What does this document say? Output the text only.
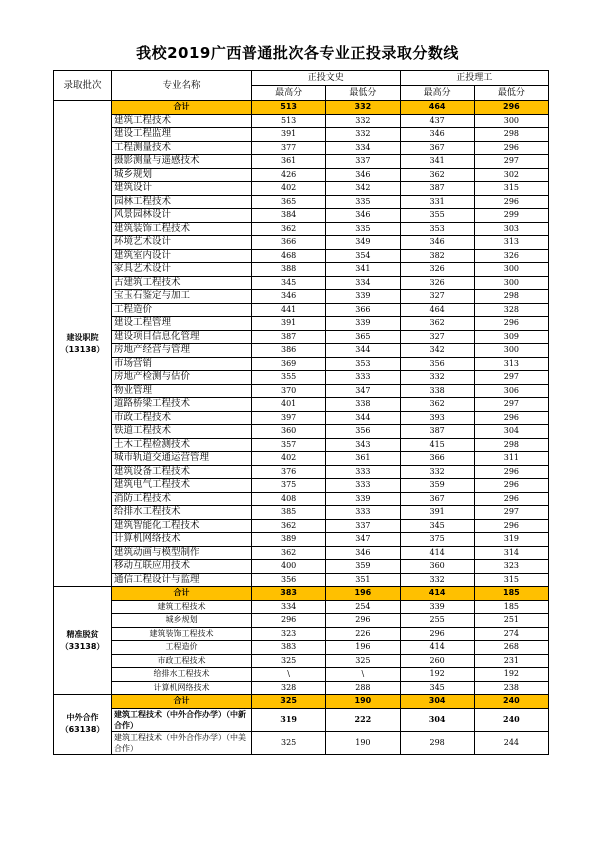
我校2019广西普通批次各专业正投录取分数线
录取批次	专业名称	正投文史		正投理工	
		最高分	最低分	最高分	最低分

建设职院
（13138）	合计	513	332	464	296
	建筑工程技术	513	332	437	300
	建设工程监理	391	332	346	298
	工程测量技术	377	334	367	296
	摄影测量与遥感技术	361	337	341	297
	城乡规划	426	346	362	302
	建筑设计	402	342	387	315
	园林工程技术	365	335	331	296
	风景园林设计	384	346	355	299
	建筑装饰工程技术	362	335	353	303
	环境艺术设计	366	349	346	313
	建筑室内设计	468	354	382	326
	家具艺术设计	388	341	326	300
	古建筑工程技术	345	334	326	300
	宝玉石鉴定与加工	346	339	327	298
	工程造价	441	366	464	328
	建设工程管理	391	339	362	296
	建设项目信息化管理	387	365	327	309
	房地产经营与管理	386	344	342	300
	市场营销	369	353	356	313
	房地产检测与估价	355	333	332	297
	物业管理	370	347	338	306
	道路桥梁工程技术	401	338	362	297
	市政工程技术	397	344	393	296
	铁道工程技术	360	356	387	304
	土木工程检测技术	357	343	415	298
	城市轨道交通运营管理	402	361	366	311
	建筑设备工程技术	376	333	332	296
	建筑电气工程技术	375	333	359	296
	消防工程技术	408	339	367	296
	给排水工程技术	385	333	391	297
	建筑智能化工程技术	362	337	345	296
	计算机网络技术	389	347	375	319
	建筑动画与模型制作	362	346	414	314
	移动互联应用技术	400	359	360	323
	通信工程设计与监理	356	351	332	315

精准脱贫
（33138）	合计	383	196	414	185
	建筑工程技术	334	254	339	185
	城乡规划	296	296	255	251
	建筑装饰工程技术	323	226	296	274
	工程造价	383	196	414	268
	市政工程技术	325	325	260	231
	给排水工程技术	\	\	192	192
	计算机网络技术	328	288	345	238

中外合作
（63138）	合计	325	190	304	240
	建筑工程技术（中外合作办学）（中新合作）	319	222	304	240
	建筑工程技术（中外合作办学）（中美合作）	325	190	298	244
